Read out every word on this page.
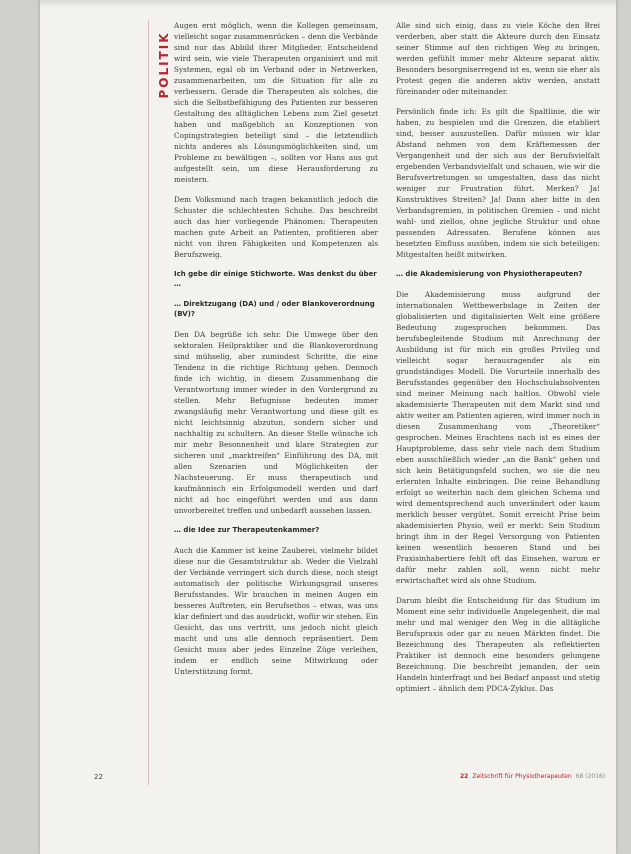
POLITIK

Augen erst möglich, wenn die Kollegen gemeinsam, vielleicht sogar zusammenrücken – denn die Verbände sind nur das Abbild ihrer Mitglieder. Entscheidend wird sein, wie viele Therapeuten organisiert und mit Systemen, egal ob im Verband oder in Netzwerken, zusammenarbeiten, um die Situation für alle zu verbessern. Gerade die Therapeuten als solches, die sich die Selbstbefähigung des Patienten zur besseren Gestaltung des alltäglichen Lebens zum Ziel gesetzt haben und maßgeblich an Konzeptionen von Copingstrategien beteiligt sind – die letztendlich nichts anderes als Lösungsmöglichkeiten sind, um Probleme zu bewältigen –, sollten vor Hans aus gut aufgestellt sein, um diese Herausforderung zu meistern.

Dem Volksmund nach tragen bekanntlich jedoch die Schuster die schlechtesten Schuhe. Das beschreibt auch das hier vorliegende Phänomen: Therapeuten machen gute Arbeit an Patienten, profitieren aber nicht von ihren Fähigkeiten und Kompetenzen als Berufszweig.

Ich gebe dir einige Stichworte. Was denkst du über …

… Direktzugang (DA) und / oder Blankoverordnung (BV)?

Den DA begrüße ich sehr. Die Umwege über den sektoralen Heilpraktiker und die Blankoverordnung sind mühselig, aber zumindest Schritte, die eine Tendenz in die richtige Richtung geben. Dennoch finde ich wichtig, in diesem Zusammenhang die Verantwortung immer wieder in den Vordergrund zu stellen. Mehr Befugnisse bedeuten immer zwangsläufig mehr Verantwortung und diese gilt es nicht leichtsinnig abzutun, sondern sicher und nachhaltig zu schultern. An dieser Stelle wünsche ich mir mehr Besonnenheit und klare Strategien zur sicheren und „marktreifen“ Einführung des DA, mit allen Szenarien und Möglichkeiten der Nachsteuerung. Er muss therapeutisch und kaufmännisch ein Erfolgsmodell werden und darf nicht ad hoc eingeführt werden und aus dann unvorbereitet treffen und unbedarft aussehen lassen.

… die Idee zur Therapeutenkammer?

Auch die Kammer ist keine Zauberei, vielmehr bildet diese nur die Gesamtstruktur ab. Weder die Vielzahl der Verbände verringert sich durch diese, noch steigt automatisch der politische Wirkungsgrad unseres Berufsstandes. Wir brauchen in meinen Augen ein besseres Auftreten, ein Berufsethos – etwas, was uns klar definiert und das ausdrückt, wofür wir stehen. Ein Gesicht, das uns vertritt, uns jedoch nicht gleich macht und uns alle dennoch repräsentiert. Dem Gesicht muss aber jedes Einzelne Züge verleihen, indem er endlich seine Mitwirkung oder Unterstützung formt.

Alle sind sich einig, dass zu viele Köche den Brei verderben, aber statt die Akteure durch den Einsatz seiner Stimme auf den richtigen Weg zu bringen, werden gefühlt immer mehr Akteure separat aktiv. Besonders besorgniserregend ist es, wenn sie eher als Protest gegen die anderen aktiv werden, anstatt füreinander oder miteinander.

Persönlich finde ich: Es gilt die Spaltlinie, die wir haben, zu bespielen und die Grenzen, die etabliert sind, besser auszustellen. Dafür müssen wir klar Abstand nehmen von dem Kräftemessen der Vergangenheit und der sich aus der Berufsvielfalt ergebenden Verbandsvielfalt und schauen, wie wir die Berufsvertretungen so umgestalten, dass das nicht weniger zur Frustration führt. Merken? Ja! Konstruktives Streiten? Ja! Dann aber bitte in den Verbandsgremien, in politischen Gremien – und nicht wahl- und ziellos, ohne jegliche Struktur und ohne passenden Adressaten. Berufene können aus besetzten Einfluss ausüben, indem sie sich beteiligen: Mitgestalten heißt mitwirken.

… die Akademisierung von Physiotherapeuten?

Die Akademisierung muss aufgrund der internationalen Wettbewerbslage in Zeiten der globalisierten und digitalisierten Welt eine größere Bedeutung zugesprochen bekommen. Das berufsbegleitende Studium mit Anrechnung der Ausbildung ist für mich ein großes Privileg und vielleicht sogar herausragender als ein grundständiges Modell. Die Vorurteile innerhalb des Berufsstandes gegenüber den Hochschulabsolventen sind meiner Meinung nach haltlos. Obwohl viele akademisierte Therapeuten mit dem Markt sind und aktiv weiter am Patienten agieren, wird immer noch in diesen Zusammenhang vom „Theoretiker“ gesprochen. Meines Erachtens nach ist es eines der Hauptprobleme, dass sehr viele nach dem Studium eben ausschließlich wieder „an die Bank“ gehen und sich kein Betätigungsfeld suchen, wo sie die neu erlernten Inhalte einbringen. Die reine Behandlung erfolgt so weiterhin nach dem gleichen Schema und wird dementsprechend auch unverändert oder kaum merklich besser vergütet. Somit erreicht Prise beim akademisierten Physio, weil er merkt: Sein Studium bringt ihm in der Regel Versorgung von Patienten keinen wesentlich besseren Stand und bei Praxisinhabertiere fehlt oft das Einsehen, warum er dafür mehr zahlen soll, wenn nicht mehr erwirtschaftet wird als ohne Studium.

Darum bleibt die Entscheidung für das Studium im Moment eine sehr individuelle Angelegenheit, die mal mehr und mal weniger den Weg in die alltägliche Berufspraxis oder gar zu neuen Märkten findet. Die Bezeichnung des Therapeuten als reflektierten Praktiker ist dennoch eine besonders gelungene Bezeichnung. Die beschreibt jemanden, der sein Handeln hinterfragt und bei Bedarf anpasst und stetig optimiert – ähnlich dem PDCA-Zyklus. Das

22	22 Zeitschrift für Physiotherapeuten 68 (2016)
